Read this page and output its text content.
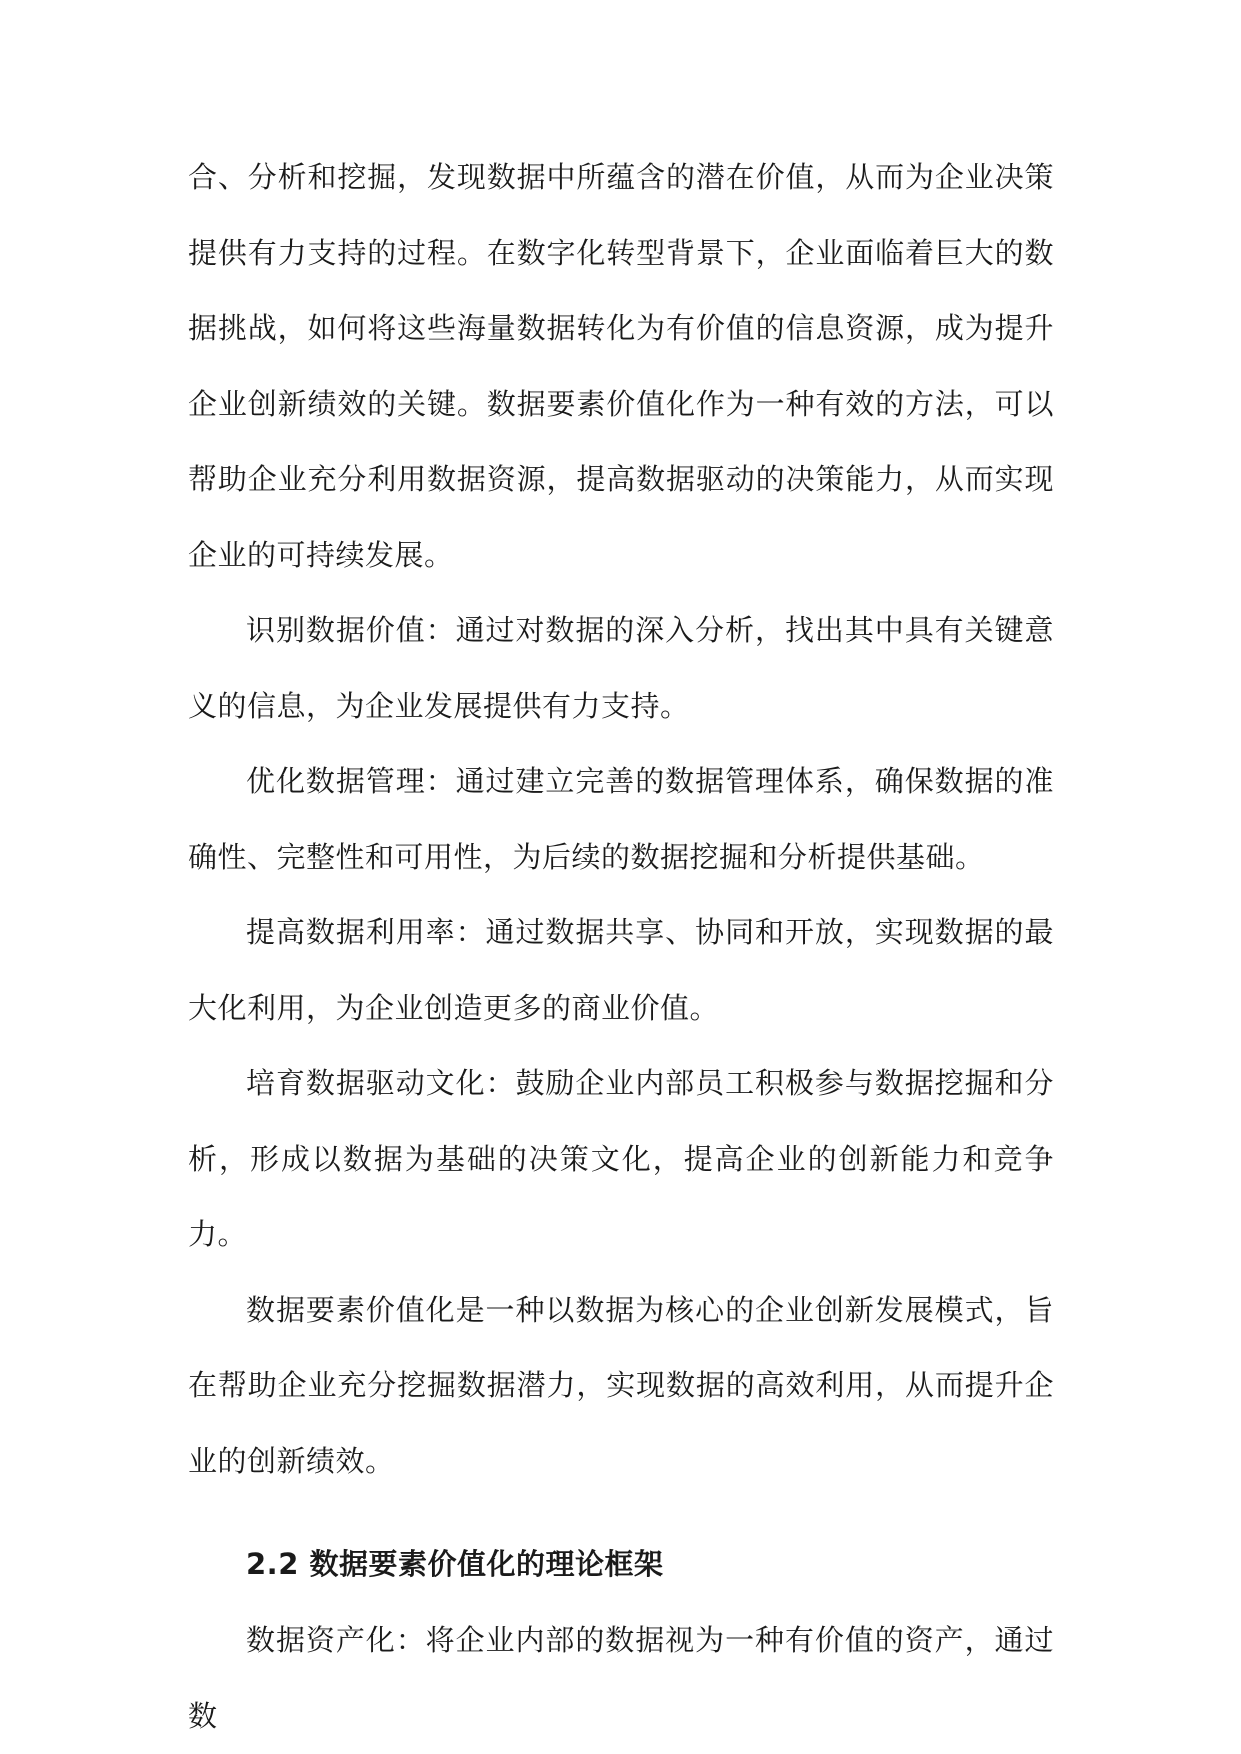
合、分析和挖掘，发现数据中所蕴含的潜在价值，从而为企业决策提供有力支持的过程。在数字化转型背景下，企业面临着巨大的数据挑战，如何将这些海量数据转化为有价值的信息资源，成为提升企业创新绩效的关键。数据要素价值化作为一种有效的方法，可以帮助企业充分利用数据资源，提高数据驱动的决策能力，从而实现企业的可持续发展。

识别数据价值：通过对数据的深入分析，找出其中具有关键意义的信息，为企业发展提供有力支持。

优化数据管理：通过建立完善的数据管理体系，确保数据的准确性、完整性和可用性，为后续的数据挖掘和分析提供基础。

提高数据利用率：通过数据共享、协同和开放，实现数据的最大化利用，为企业创造更多的商业价值。

培育数据驱动文化：鼓励企业内部员工积极参与数据挖掘和分析，形成以数据为基础的决策文化，提高企业的创新能力和竞争力。

数据要素价值化是一种以数据为核心的企业创新发展模式，旨在帮助企业充分挖掘数据潜力，实现数据的高效利用，从而提升企业的创新绩效。

2.2 数据要素价值化的理论框架

数据资产化：将企业内部的数据视为一种有价值的资产，通过数
